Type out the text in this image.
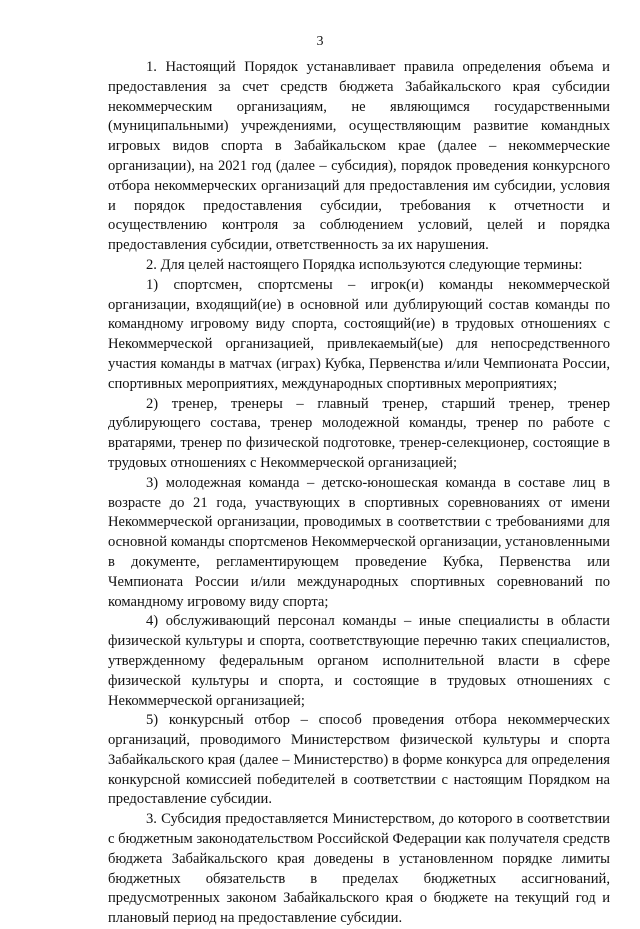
3

1. Настоящий Порядок устанавливает правила определения объема и предоставления за счет средств бюджета Забайкальского края субсидии некоммерческим организациям, не являющимся государственными (муниципальными) учреждениями, осуществляющим развитие командных игровых видов спорта в Забайкальском крае (далее – некоммерческие организации), на 2021 год (далее – субсидия), порядок проведения конкурсного отбора некоммерческих организаций для предоставления им субсидии, условия и порядок предоставления субсидии, требования к отчетности и осуществлению контроля за соблюдением условий, целей и порядка предоставления субсидии, ответственность за их нарушения.

2. Для целей настоящего Порядка используются следующие термины:

1) спортсмен, спортсмены – игрок(и) команды некоммерческой организации, входящий(ие) в основной или дублирующий состав команды по командному игровому виду спорта, состоящий(ие) в трудовых отношениях с Некоммерческой организацией, привлекаемый(ые) для непосредственного участия команды в матчах (играх) Кубка, Первенства и/или Чемпионата России, спортивных мероприятиях, международных спортивных мероприятиях;

2) тренер, тренеры – главный тренер, старший тренер, тренер дублирующего состава, тренер молодежной команды, тренер по работе с вратарями, тренер по физической подготовке, тренер-селекционер, состоящие в трудовых отношениях с Некоммерческой организацией;

3) молодежная команда – детско-юношеская команда в составе лиц в возрасте до 21 года, участвующих в спортивных соревнованиях от имени Некоммерческой организации, проводимых в соответствии с требованиями для основной команды спортсменов Некоммерческой организации, установленными в документе, регламентирующем проведение Кубка, Первенства или Чемпионата России и/или международных спортивных соревнований по командному игровому виду спорта;

4) обслуживающий персонал команды – иные специалисты в области физической культуры и спорта, соответствующие перечню таких специалистов, утвержденному федеральным органом исполнительной власти в сфере физической культуры и спорта, и состоящие в трудовых отношениях с Некоммерческой организацией;

5) конкурсный отбор – способ проведения отбора некоммерческих организаций, проводимого Министерством физической культуры и спорта Забайкальского края (далее – Министерство) в форме конкурса для определения конкурсной комиссией победителей в соответствии с настоящим Порядком на предоставление субсидии.

3. Субсидия предоставляется Министерством, до которого в соответствии с бюджетным законодательством Российской Федерации как получателя средств бюджета Забайкальского края доведены в установленном порядке лимиты бюджетных обязательств в пределах бюджетных ассигнований, предусмотренных законом Забайкальского края о бюджете на текущий год и плановый период на предоставление субсидии.
